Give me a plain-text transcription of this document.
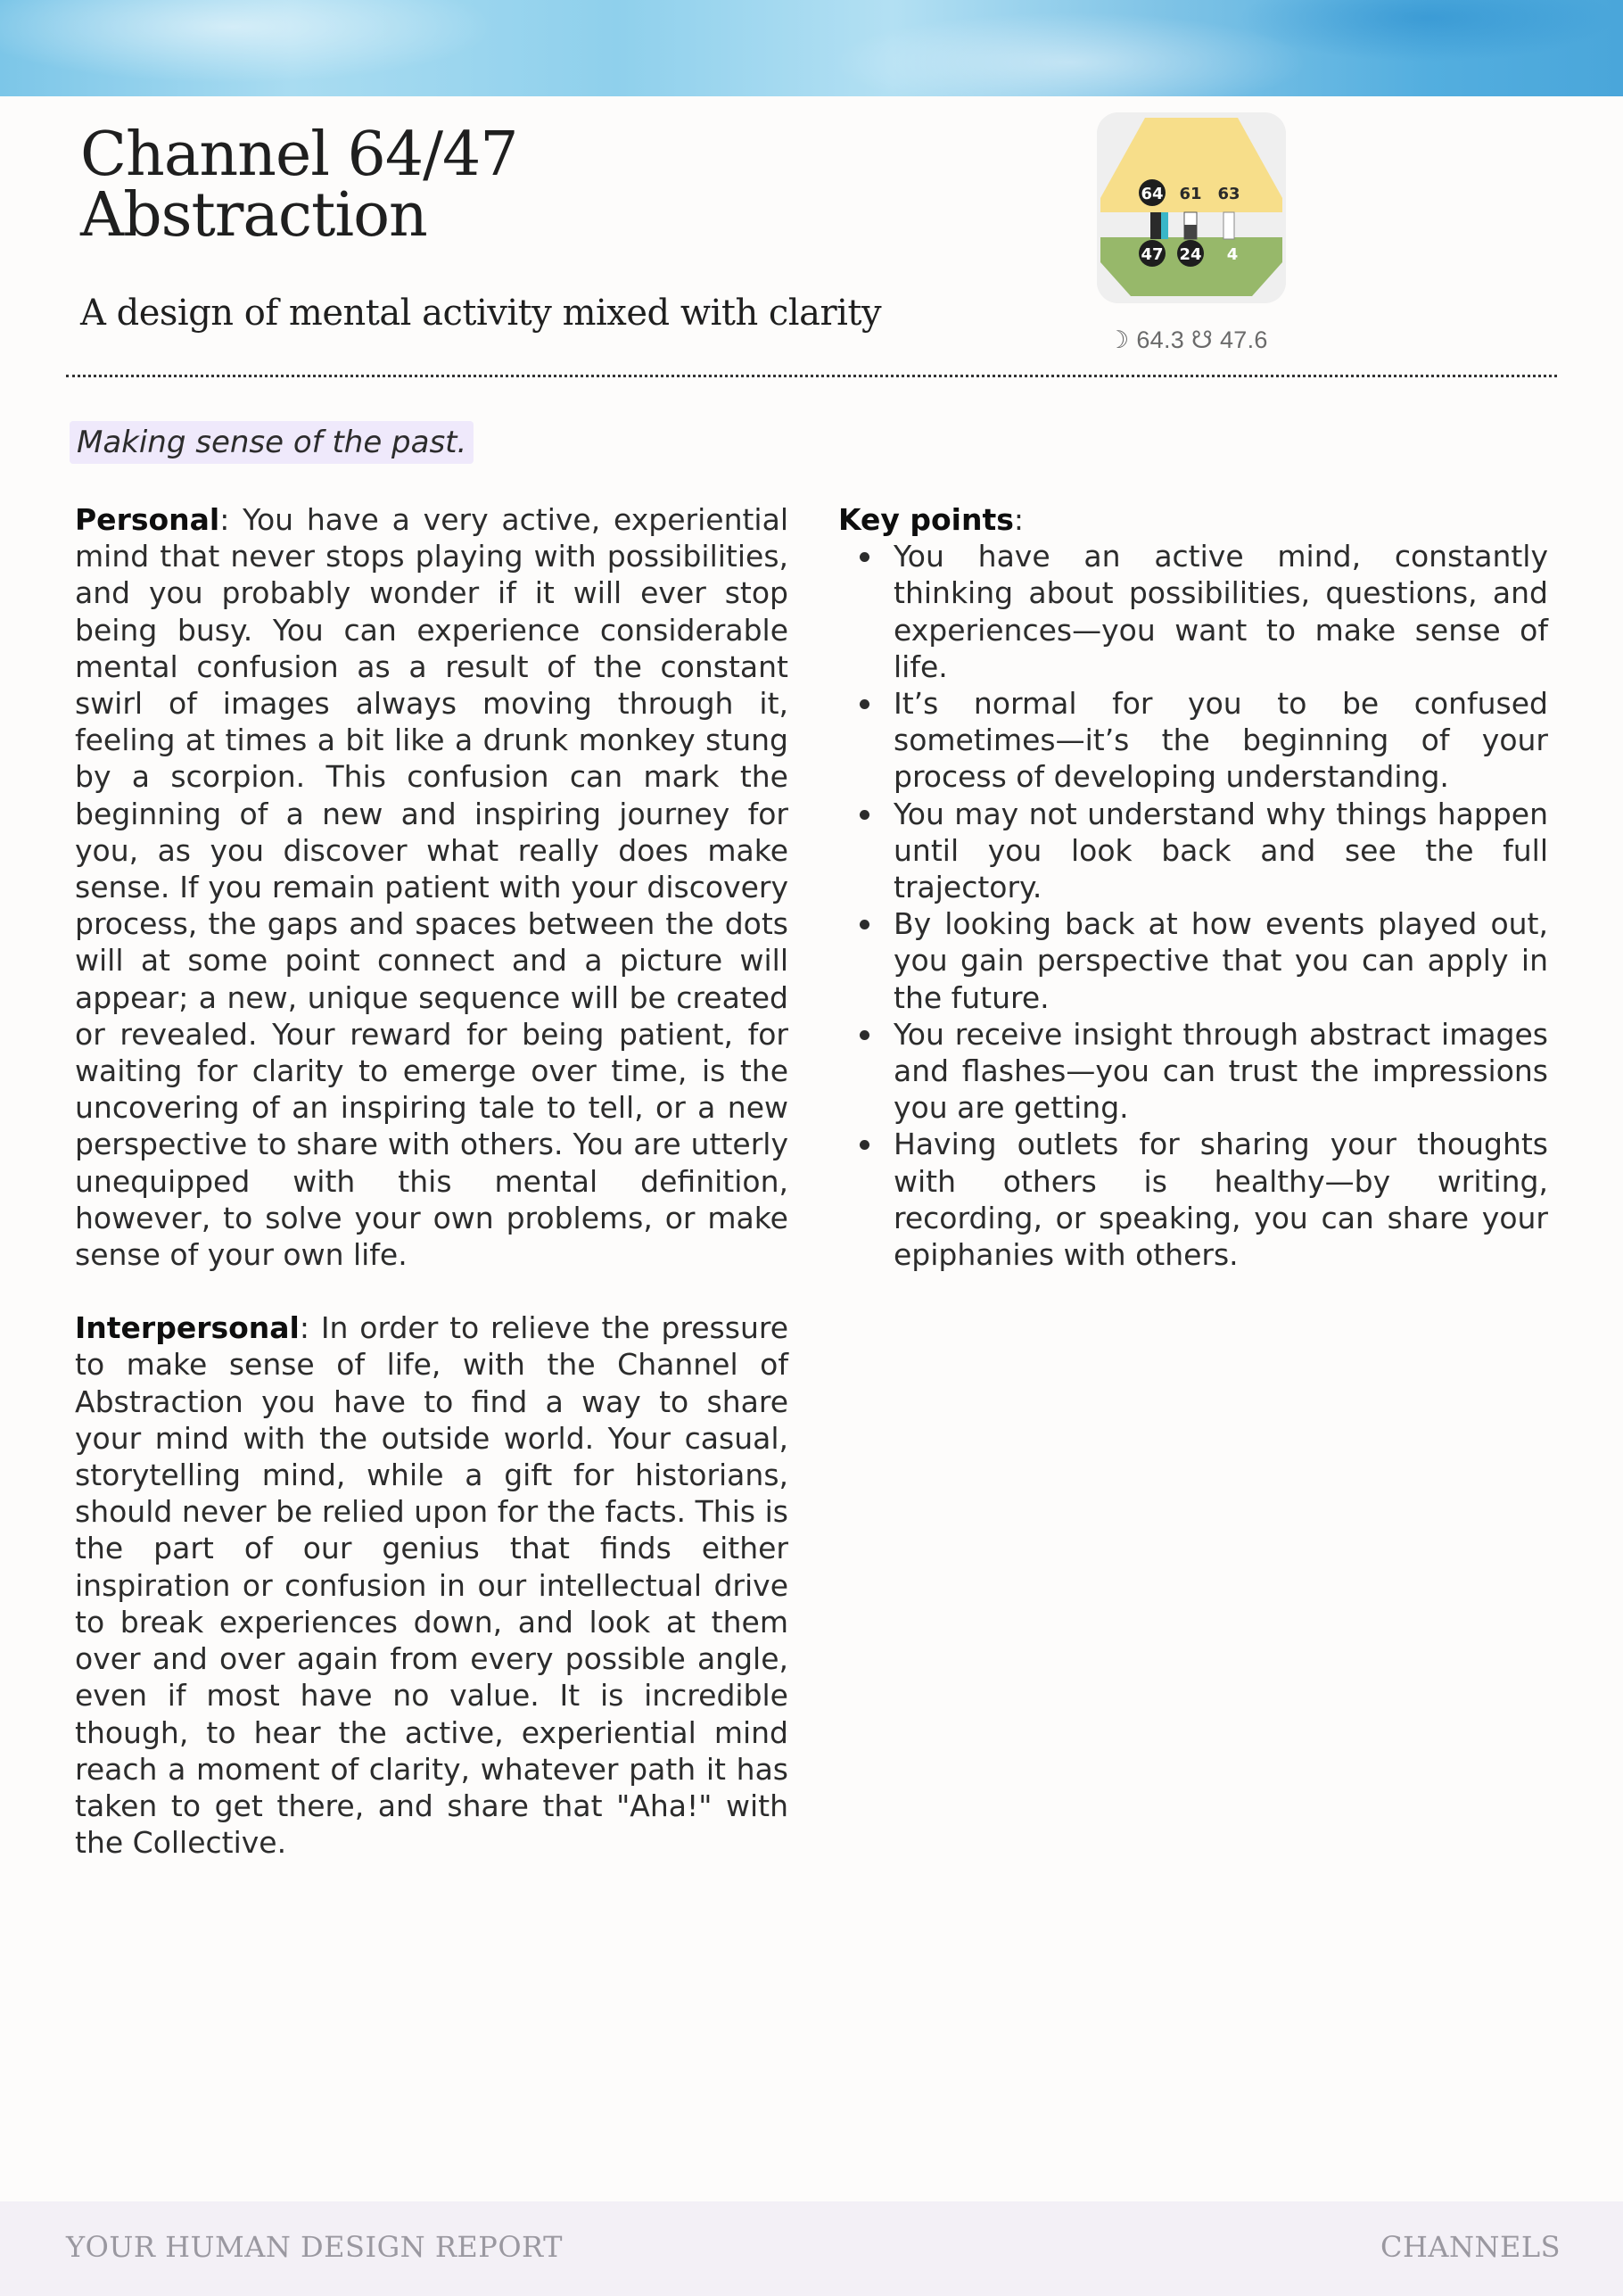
Channel 64/47
Abstraction
A design of mental activity mixed with clarity
64 61 63
47 24 4
☽ 64.3 ☋ 47.6
Making sense of the past.

Personal: You have a very active, experiential mind that never stops playing with possibilities, and you probably wonder if it will ever stop being busy. You can experience considerable mental confusion as a result of the constant swirl of images always moving through it, feeling at times a bit like a drunk monkey stung by a scorpion. This confusion can mark the beginning of a new and inspiring journey for you, as you discover what really does make sense. If you remain patient with your discovery process, the gaps and spaces between the dots will at some point connect and a picture will appear; a new, unique sequence will be created or revealed. Your reward for being patient, for waiting for clarity to emerge over time, is the uncovering of an inspiring tale to tell, or a new perspective to share with others. You are utterly unequipped with this mental definition, however, to solve your own problems, or make sense of your own life.

Interpersonal: In order to relieve the pressure to make sense of life, with the Channel of Abstraction you have to find a way to share your mind with the outside world. Your casual, storytelling mind, while a gift for historians, should never be relied upon for the facts. This is the part of our genius that finds either inspiration or confusion in our intellectual drive to break experiences down, and look at them over and over again from every possible angle, even if most have no value. It is incredible though, to hear the active, experiential mind reach a moment of clarity, whatever path it has taken to get there, and share that "Aha!" with the Collective.

Key points:
You have an active mind, constantly thinking about possibilities, questions, and experiences—you want to make sense of life.
It’s normal for you to be confused sometimes—it’s the beginning of your process of developing understanding.
You may not understand why things happen until you look back and see the full trajectory.
By looking back at how events played out, you gain perspective that you can apply in the future.
You receive insight through abstract images and flashes—you can trust the impressions you are getting.
Having outlets for sharing your thoughts with others is healthy—by writing, recording, or speaking, you can share your epiphanies with others.
YOUR HUMAN DESIGN REPORT	CHANNELS
